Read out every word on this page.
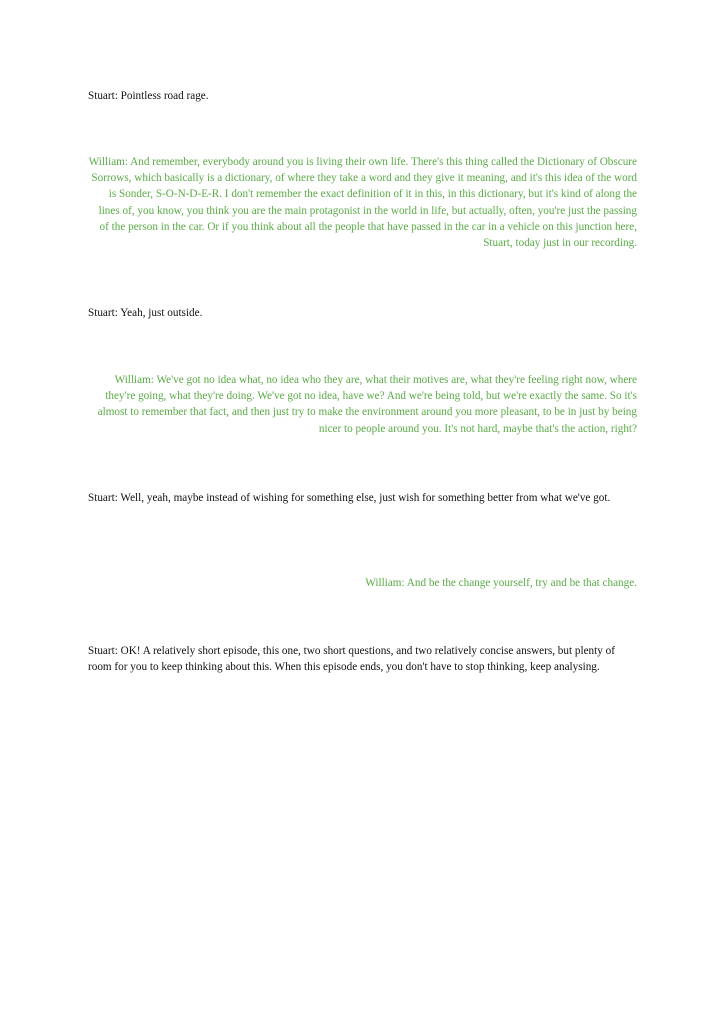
Stuart: Pointless road rage.

William: And remember, everybody around you is living their own life. There's this thing called the Dictionary of Obscure Sorrows, which basically is a dictionary, of where they take a word and they give it meaning, and it's this idea of the word is Sonder, S-O-N-D-E-R. I don't remember the exact definition of it in this, in this dictionary, but it's kind of along the lines of, you know, you think you are the main protagonist in the world in life, but actually, often, you're just the passing of the person in the car. Or if you think about all the people that have passed in the car in a vehicle on this junction here, Stuart, today just in our recording.

Stuart: Yeah, just outside.

William: We've got no idea what, no idea who they are, what their motives are, what they're feeling right now, where they're going, what they're doing. We've got no idea, have we? And we're being told, but we're exactly the same. So it's almost to remember that fact, and then just try to make the environment around you more pleasant, to be in just by being nicer to people around you. It's not hard, maybe that's the action, right?

Stuart: Well, yeah, maybe instead of wishing for something else, just wish for something better from what we've got.

William: And be the change yourself, try and be that change.

Stuart: OK! A relatively short episode, this one, two short questions, and two relatively concise answers, but plenty of room for you to keep thinking about this. When this episode ends, you don't have to stop thinking, keep analysing.
